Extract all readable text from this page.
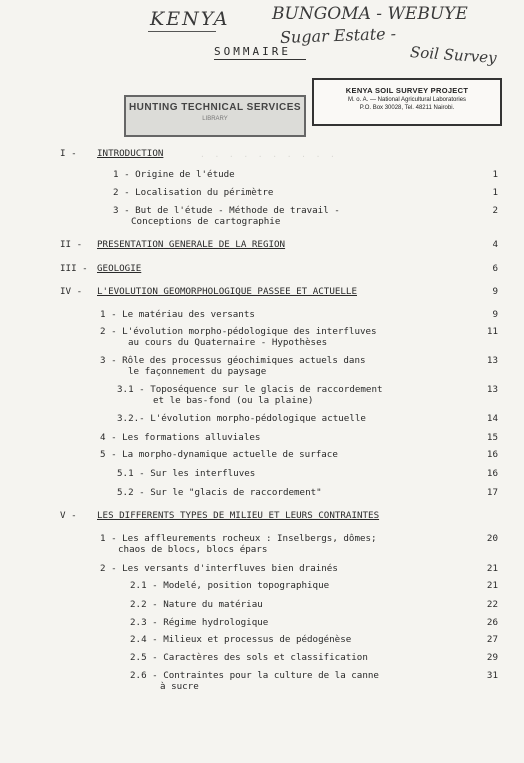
KENYA	BUNGOMA - WEBUYE
Sugar Estate -
Soil Survey
.  .  .  .  .  .  .  .  .  .
SOMMAIRE
HUNTING TECHNICAL SERVICES
LIBRARY
KENYA SOIL SURVEY PROJECT
M. o. A. — National Agricultural Laboratories
P.O. Box 30028, Tel. 48211 Nairobi.
I - INTRODUCTION
1 - Origine de l'étude	1
2 - Localisation du périmètre	1
3 - But de l'étude - Méthode de travail -	2
Conceptions de cartographie
II - PRESENTATION GENERALE DE LA REGION	4
III - GEOLOGIE	6
IV - L'EVOLUTION GEOMORPHOLOGIQUE PASSEE ET ACTUELLE	9
1 - Le matériau des versants	9
2 - L'évolution morpho-pédologique des interfluves	11
au cours du Quaternaire - Hypothèses
3 - Rôle des processus géochimiques actuels dans	13
le façonnement du paysage
3.1 - Toposéquence sur le glacis de raccordement	13
et le bas-fond (ou la plaine)
3.2.- L'évolution morpho-pédologique actuelle	14
4 - Les formations alluviales	15
5 - La morpho-dynamique actuelle de surface	16
5.1 - Sur les interfluves	16
5.2 - Sur le "glacis de raccordement"	17
V - LES DIFFERENTS TYPES DE MILIEU ET LEURS CONTRAINTES
1 - Les affleurements rocheux : Inselbergs, dômes;	20
chaos de blocs, blocs épars
2 - Les versants d'interfluves bien drainés	21
2.1 - Modelé, position topographique	21
2.2 - Nature du matériau	22
2.3 - Régime hydrologique	26
2.4 - Milieux et processus de pédogénèse	27
2.5 - Caractères des sols et classification	29
2.6 - Contraintes pour la culture de la canne	31
à sucre
